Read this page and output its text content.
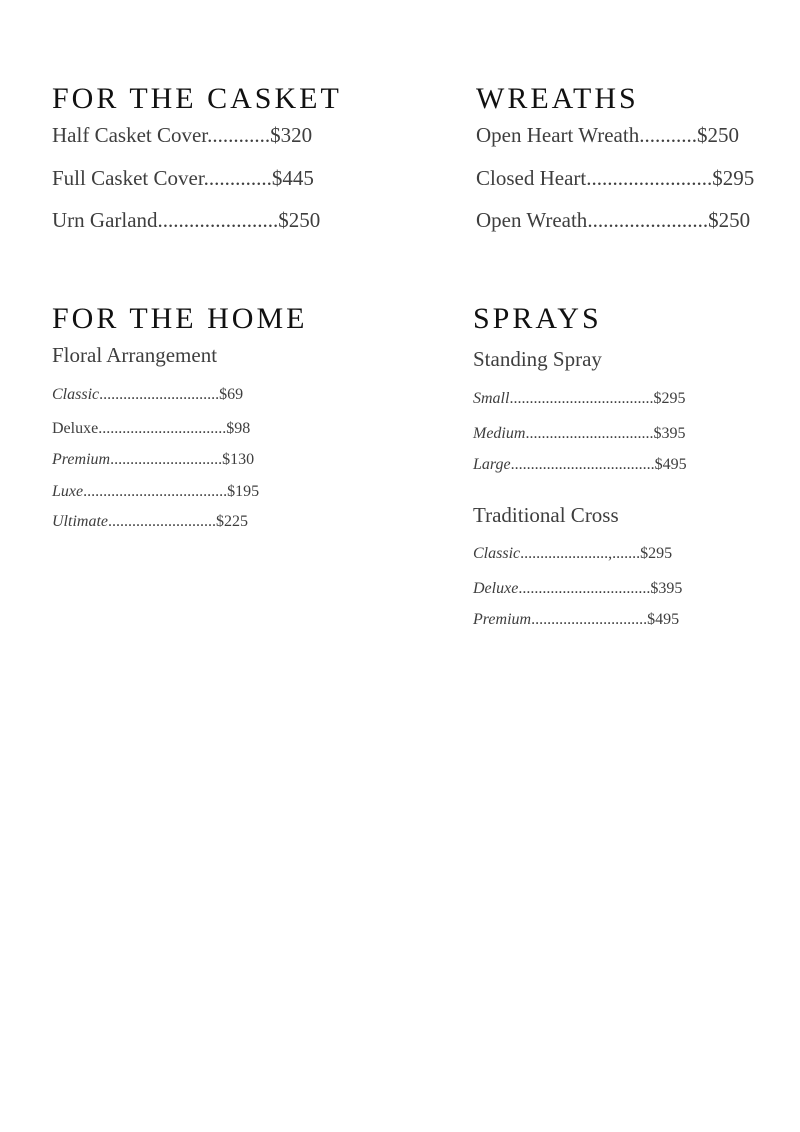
FOR THE CASKET
Half Casket Cover............$320
Full Casket Cover.............$445
Urn Garland.......................$250
WREATHS
Open Heart Wreath...........$250
Closed Heart........................$295
Open Wreath.......................$250
FOR THE HOME
Floral Arrangement
Classic..............................$69
Deluxe................................$98
Premium............................$130
Luxe....................................$195
Ultimate...........................$225
SPRAYS
Standing Spray
Small....................................$295
Medium................................$395
Large....................................$495
Traditional Cross
Classic......................,.......$295
Deluxe.................................$395
Premium.............................$495
